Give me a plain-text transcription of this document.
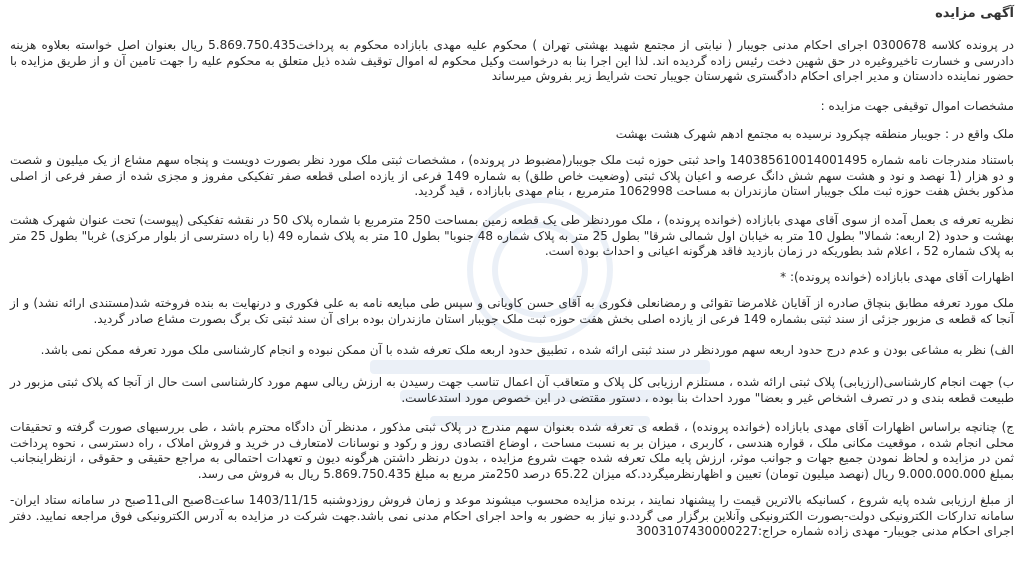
آگهی مزایده
در پرونده کلاسه 0300678 اجرای احکام مدنی جویبار ( نیابتی از مجتمع شهید بهشتی تهران ) محکوم علیه مهدی بابازاده محکوم به پرداخت5.869.750.435 ریال بعنوان اصل خواسته بعلاوه هزینه دادرسی و خسارت تاخیروغیره در حق شهین دخت رئیس زاده گردیده اند. لذا این اجرا بنا به درخواست وکیل محکوم له اموال توقیف شده ذیل متعلق به محکوم علیه را جهت تامین آن و از طریق مزایده با حضور نماینده دادستان و مدیر اجرای احکام دادگستری شهرستان جویبار تحت شرایط زیر بفروش میرساند
مشخصات اموال توقیفی جهت مزایده :
ملک واقع در : جویبار منطقه چپکرود نرسیده به مجتمع ادهم شهرک هشت بهشت
باستناد مندرجات نامه شماره 140385610014001495 واحد ثبتی حوزه ثبت ملک جویبار(مضبوط در پرونده) ، مشخصات ثبتی ملک مورد نظر بصورت دویست و پنجاه سهم مشاع از یک میلیون و شصت و دو هزار (1 نهصد و نود و هشت سهم شش دانگ عرصه و اعیان پلاک ثبتی (وضعیت خاص طلق) به شماره 149 فرعی از یازده اصلی قطعه صفر تفکیکی مفروز و مجزی شده از صفر فرعی از اصلی مذکور بخش هفت حوزه ثبت ملک جویبار استان مازندران به مساحت 1062998 مترمربع ، بنام مهدی بابازاده ، قید گردید.
نظریه تعرفه ی بعمل آمده از سوی آقای مهدی بابازاده (خوانده پرونده) ، ملک موردنظر طی یک قطعه زمین بمساحت 250 مترمربع با شماره پلاک 50 در نقشه تفکیکی (پیوست) تحت عنوان شهرک هشت بهشت و حدود (2 اربعه: شمالا" بطول 10 متر به خیابان اول شمالی شرقا" بطول 25 متر به پلاک شماره 48 جنوبا" بطول 10 متر به پلاک شماره 49 (با راه دسترسی از بلوار مرکزی) غربا" بطول 25 متر به پلاک شماره 52 ، اعلام شد بطوریکه در زمان بازدید فاقد هرگونه اعیانی و احداث بوده است.
اظهارات آقای مهدی بابازاده (خوانده پرونده): *
ملک مورد تعرفه مطابق بنچاق صادره از آقایان غلامرضا تقوائی و رمضانعلی فکوری به آقای حسن کاویانی و سپس طی مبایعه نامه به علی فکوری و درنهایت به بنده فروخته شد(مستندی ارائه نشد) و از آنجا که قطعه ی مزبور جزئی از سند ثبتی بشماره 149 فرعی از یازده اصلی بخش هفت حوزه ثبت ملک جویبار استان مازندران بوده برای آن سند ثبتی تک برگ بصورت مشاع صادر گردید.
الف) نظر به مشاعی بودن و عدم درج حدود اربعه سهم موردنظر در سند ثبتی ارائه شده ، تطبیق حدود اربعه ملک تعرفه شده با آن ممکن نبوده و انجام کارشناسی ملک مورد تعرفه ممکن نمی باشد.
ب) جهت انجام کارشناسی(ارزیابی) پلاک ثبتی ارائه شده ، مستلزم ارزیابی کل پلاک و متعاقب آن اعمال تناسب جهت رسیدن به ارزش ریالی سهم مورد کارشناسی است حال از آنجا که پلاک ثبتی مزبور در طبیعت قطعه بندی و در تصرف اشخاص غیر و بعضا" مورد احداث بنا بوده ، دستور مقتضی در این خصوص مورد استدعاست.
ج) چنانچه براساس اظهارات آقای مهدی بابازاده (خوانده پرونده) ، قطعه ی تعرفه شده بعنوان سهم مندرج در پلاک ثبتی مذکور ، مدنظر آن دادگاه محترم باشد ، طی بررسیهای صورت گرفته و تحقیقات محلی انجام شده ، موقعیت مکانی ملک ، قواره هندسی ، کاربری ، میزان بر به نسبت مساحت ، اوضاع اقتصادی روز و رکود و نوسانات لامتعارف در خرید و فروش املاک ، راه دسترسی ، نحوه پرداخت ثمن در مزایده و لحاظ نمودن جمیع جهات و جوانب موثر، ارزش پایه ملک تعرفه شده جهت شروع مزایده ، بدون درنظر داشتن هرگونه دیون و تعهدات احتمالی به مراجع حقیقی و حقوقی ، ازنظراینجانب بمبلغ 9.000.000.000 ریال (نهصد میلیون تومان) تعیین و اظهارنظرمیگردد.که میزان 65.22 درصد 250متر مربع به مبلغ 5.869.750.435 ریال به فروش می رسد.
از مبلغ ارزیابی شده پایه شروع ، کسانیکه بالاترین قیمت را پیشنهاد نمایند ، برنده مزایده محسوب میشوند موعد و زمان فروش روزدوشنبه 1403/11/15 ساعت8صبح الی11صبح در سامانه ستاد ایران-سامانه تدارکات الکترونیکی دولت-بصورت الکترونیکی وآنلاین برگزار می گردد.و نیاز به حضور به واحد اجرای احکام مدنی نمی باشد.جهت شرکت در مزایده به آدرس الکترونیکی فوق مراجعه نمایید. دفتر اجرای احکام مدنی جویبار- مهدی زاده شماره حراج:3003107430000227
